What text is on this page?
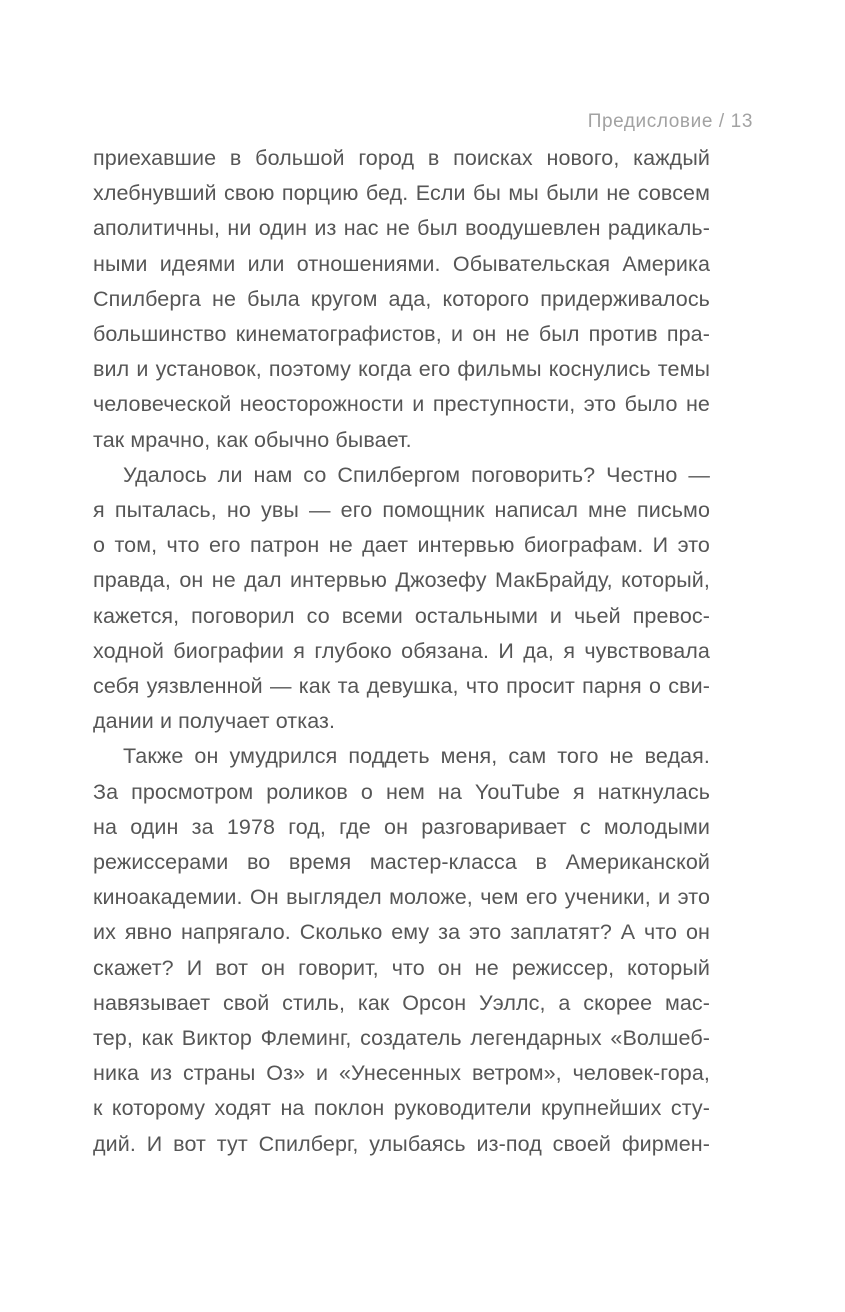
Предисловие / 13

приехавшие в большой город в поисках нового, каждый
хлебнувший свою порцию бед. Если бы мы были не совсем
аполитичны, ни один из нас не был воодушевлен радикаль-
ными идеями или отношениями. Обывательская Америка
Спилберга не была кругом ада, которого придерживалось
большинство кинематографистов, и он не был против пра-
вил и установок, поэтому когда его фильмы коснулись темы
человеческой неосторожности и преступности, это было не
так мрачно, как обычно бывает.
Удалось ли нам со Спилбергом поговорить? Честно —
я пыталась, но увы — его помощник написал мне письмо
о том, что его патрон не дает интервью биографам. И это
правда, он не дал интервью Джозефу МакБрайду, который,
кажется, поговорил со всеми остальными и чьей превос-
ходной биографии я глубоко обязана. И да, я чувствовала
себя уязвленной — как та девушка, что просит парня о сви-
дании и получает отказ.
Также он умудрился поддеть меня, сам того не ведая.
За просмотром роликов о нем на YouTube я наткнулась
на один за 1978 год, где он разговаривает с молодыми
режиссерами во время мастер-класса в Американской
киноакадемии. Он выглядел моложе, чем его ученики, и это
их явно напрягало. Сколько ему за это заплатят? А что он
скажет? И вот он говорит, что он не режиссер, который
навязывает свой стиль, как Орсон Уэллс, а скорее мас-
тер, как Виктор Флеминг, создатель легендарных «Волшеб-
ника из страны Оз» и «Унесенных ветром», человек-гора,
к которому ходят на поклон руководители крупнейших сту-
дий. И вот тут Спилберг, улыбаясь из-под своей фирмен-
